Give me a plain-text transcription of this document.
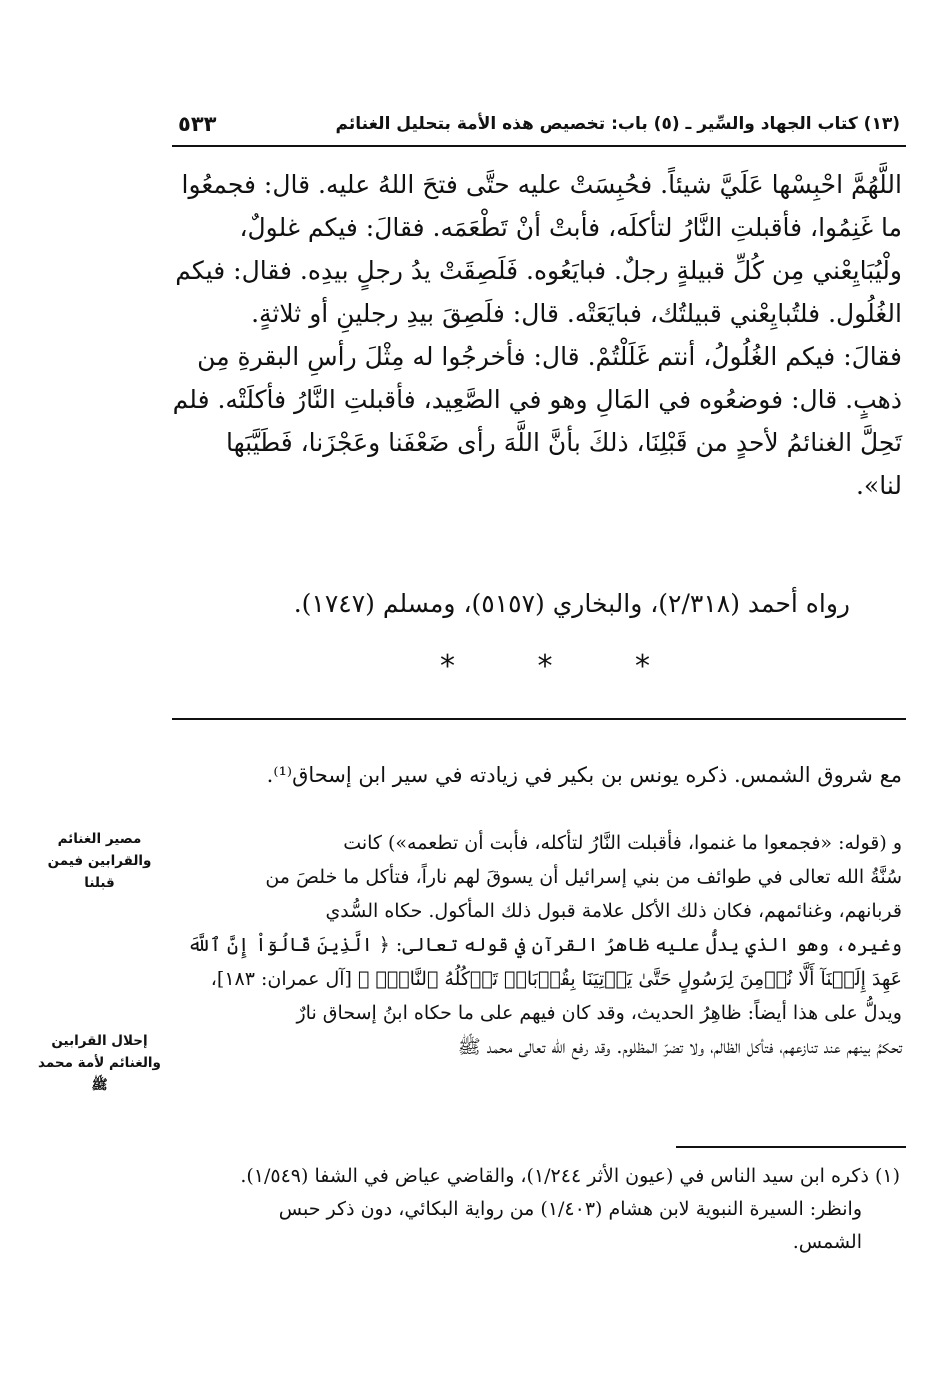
(١٣) كتاب الجهاد والسِّير ـ (٥) باب: تخصيص هذه الأمة بتحليل الغنائم
٥٣٣

اللَّهُمَّ احْبِسْها عَلَيَّ شيئاً. فحُبِسَتْ عليه حتَّى فتحَ اللهُ عليه. قال: فجمعُوا

ما غَنِمُوا، فأقبلتِ النَّارُ لتأكلَه، فأبتْ أنْ تَطْعَمَه. فقالَ: فيكم غلولٌ،

ولْيُبَايِعْني مِن كُلِّ قبيلةٍ رجلٌ. فبايَعُوه. فَلَصِقَتْ يدُ رجلٍ بيدِه. فقال: فيكم

الغُلُول. فلتُبايِعْني قبيلتُك، فبايَعَتْه. قال: فلَصِقَ بيدِ رجلينِ أو ثلاثةٍ.

فقالَ: فيكم الغُلُولُ، أنتم غَلَلْتُمْ. قال: فأخرجُوا له مِثْلَ رأسِ البقرةِ مِن

ذهبٍ. قال: فوضعُوه في المَالِ وهو في الصَّعِيد، فأقبلتِ النَّارُ فأكلَتْه. فلم

تَحِلَّ الغنائمُ لأحدٍ من قَبْلِنَا، ذلكَ بأنَّ اللَّهَ رأى ضَعْفَنا وعَجْزَنا، فَطَيَّبَها

لنا».

رواه أحمد (٢/٣١٨)، والبخاري (٥١٥٧)، ومسلم (١٧٤٧).
*	*	*
مع شروق الشمس. ذكره يونس بن بكير في زيادته في سير ابن إسحاق⁽¹⁾.

و (قوله: «فجمعوا ما غنموا، فأقبلت النَّارُ لتأكله، فأبت أن تطعمه») كانت

سُنَّةُ الله تعالى في طوائف من بني إسرائيل أن يسوقَ لهم ناراً، فتأكل ما خلصَ من

قربانهم، وغنائمهم، فكان ذلك الأكل علامة قبول ذلك المأكول. حكاه السُّدي

وغيره، وهو الذي يدلُّ عليه ظاهرُ القرآن في قوله تعالى: ﴿ الَّذِينَ قَالُوٓاْ إِنَّ ٱللَّهَ

عَهِدَ إِلَيۡنَآ أَلَّا نُؤۡمِنَ لِرَسُولٍ حَتَّىٰ يَأۡتِيَنَا بِقُرۡبَانٖ تَأۡكُلُهُ ٱلنَّارُۗ ﴾ [آل عمران: ١٨٣]،

ويدلُّ على هذا أيضاً: ظاهِرُ الحديث، وقد كان فيهم على ما حكاه ابنُ إسحاق نارٌ

تحكمُ بينهم عند تنازعهم، فتأكل الظالم، ولا تضرّ المظلوم. وقد رفع الله تعالى محمد ﷺ

مصير الغنائم والقرابين فيمن قبلنا
إحلال القرابين والغنائم لأمة محمد ﷺ

(١) ذكره ابن سيد الناس في (عيون الأثر ١/٢٤٤)، والقاضي عياض في الشفا (١/٥٤٩).

وانظر: السيرة النبوية لابن هشام (١/٤٠٣) من رواية البكائي، دون ذكر حبس

الشمس.
